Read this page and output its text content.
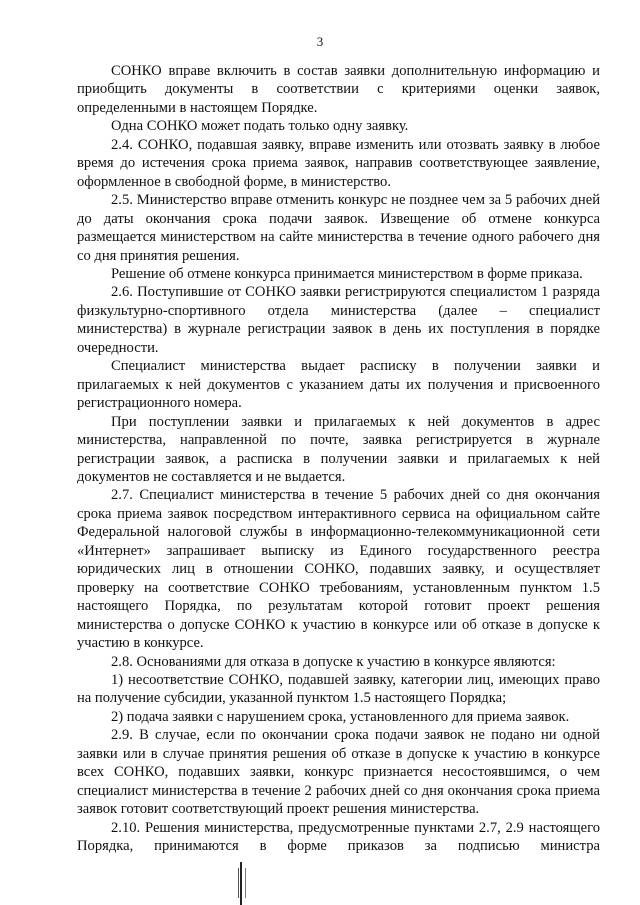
3

СОНКО вправе включить в состав заявки дополнительную информацию и приобщить документы в соответствии с критериями оценки заявок, определенными в настоящем Порядке.

Одна СОНКО может подать только одну заявку.

2.4. СОНКО, подавшая заявку, вправе изменить или отозвать заявку в любое время до истечения срока приема заявок, направив соответствующее заявление, оформленное в свободной форме, в министерство.

2.5. Министерство вправе отменить конкурс не позднее чем за 5 рабочих дней до даты окончания срока подачи заявок. Извещение об отмене конкурса размещается министерством на сайте министерства в течение одного рабочего дня со дня принятия решения.

Решение об отмене конкурса принимается министерством в форме приказа.

2.6. Поступившие от СОНКО заявки регистрируются специалистом 1 разряда физкультурно-спортивного отдела министерства (далее – специалист министерства) в журнале регистрации заявок в день их поступления в порядке очередности.

Специалист министерства выдает расписку в получении заявки и прилагаемых к ней документов с указанием даты их получения и присвоенного регистрационного номера.

При поступлении заявки и прилагаемых к ней документов в адрес министерства, направленной по почте, заявка регистрируется в журнале регистрации заявок, а расписка в получении заявки и прилагаемых к ней документов не составляется и не выдается.

2.7. Специалист министерства в течение 5 рабочих дней со дня окончания срока приема заявок посредством интерактивного сервиса на официальном сайте Федеральной налоговой службы в информационно-телекоммуникационной сети «Интернет» запрашивает выписку из Единого государственного реестра юридических лиц в отношении СОНКО, подавших заявку, и осуществляет проверку на соответствие СОНКО требованиям, установленным пунктом 1.5 настоящего Порядка, по результатам которой готовит проект решения министерства о допуске СОНКО к участию в конкурсе или об отказе в допуске к участию в конкурсе.

2.8. Основаниями для отказа в допуске к участию в конкурсе являются:

1) несоответствие СОНКО, подавшей заявку, категории лиц, имеющих право на получение субсидии, указанной пунктом 1.5 настоящего Порядка;

2) подача заявки с нарушением срока, установленного для приема заявок.

2.9. В случае, если по окончании срока подачи заявок не подано ни одной заявки или в случае принятия решения об отказе в допуске к участию в конкурсе всех СОНКО, подавших заявки, конкурс признается несостоявшимся, о чем специалист министерства в течение 2 рабочих дней со дня окончания срока приема заявок готовит соответствующий проект решения министерства.

2.10. Решения министерства, предусмотренные пунктами 2.7, 2.9 настоящего Порядка, принимаются в форме приказов за подписью министра
